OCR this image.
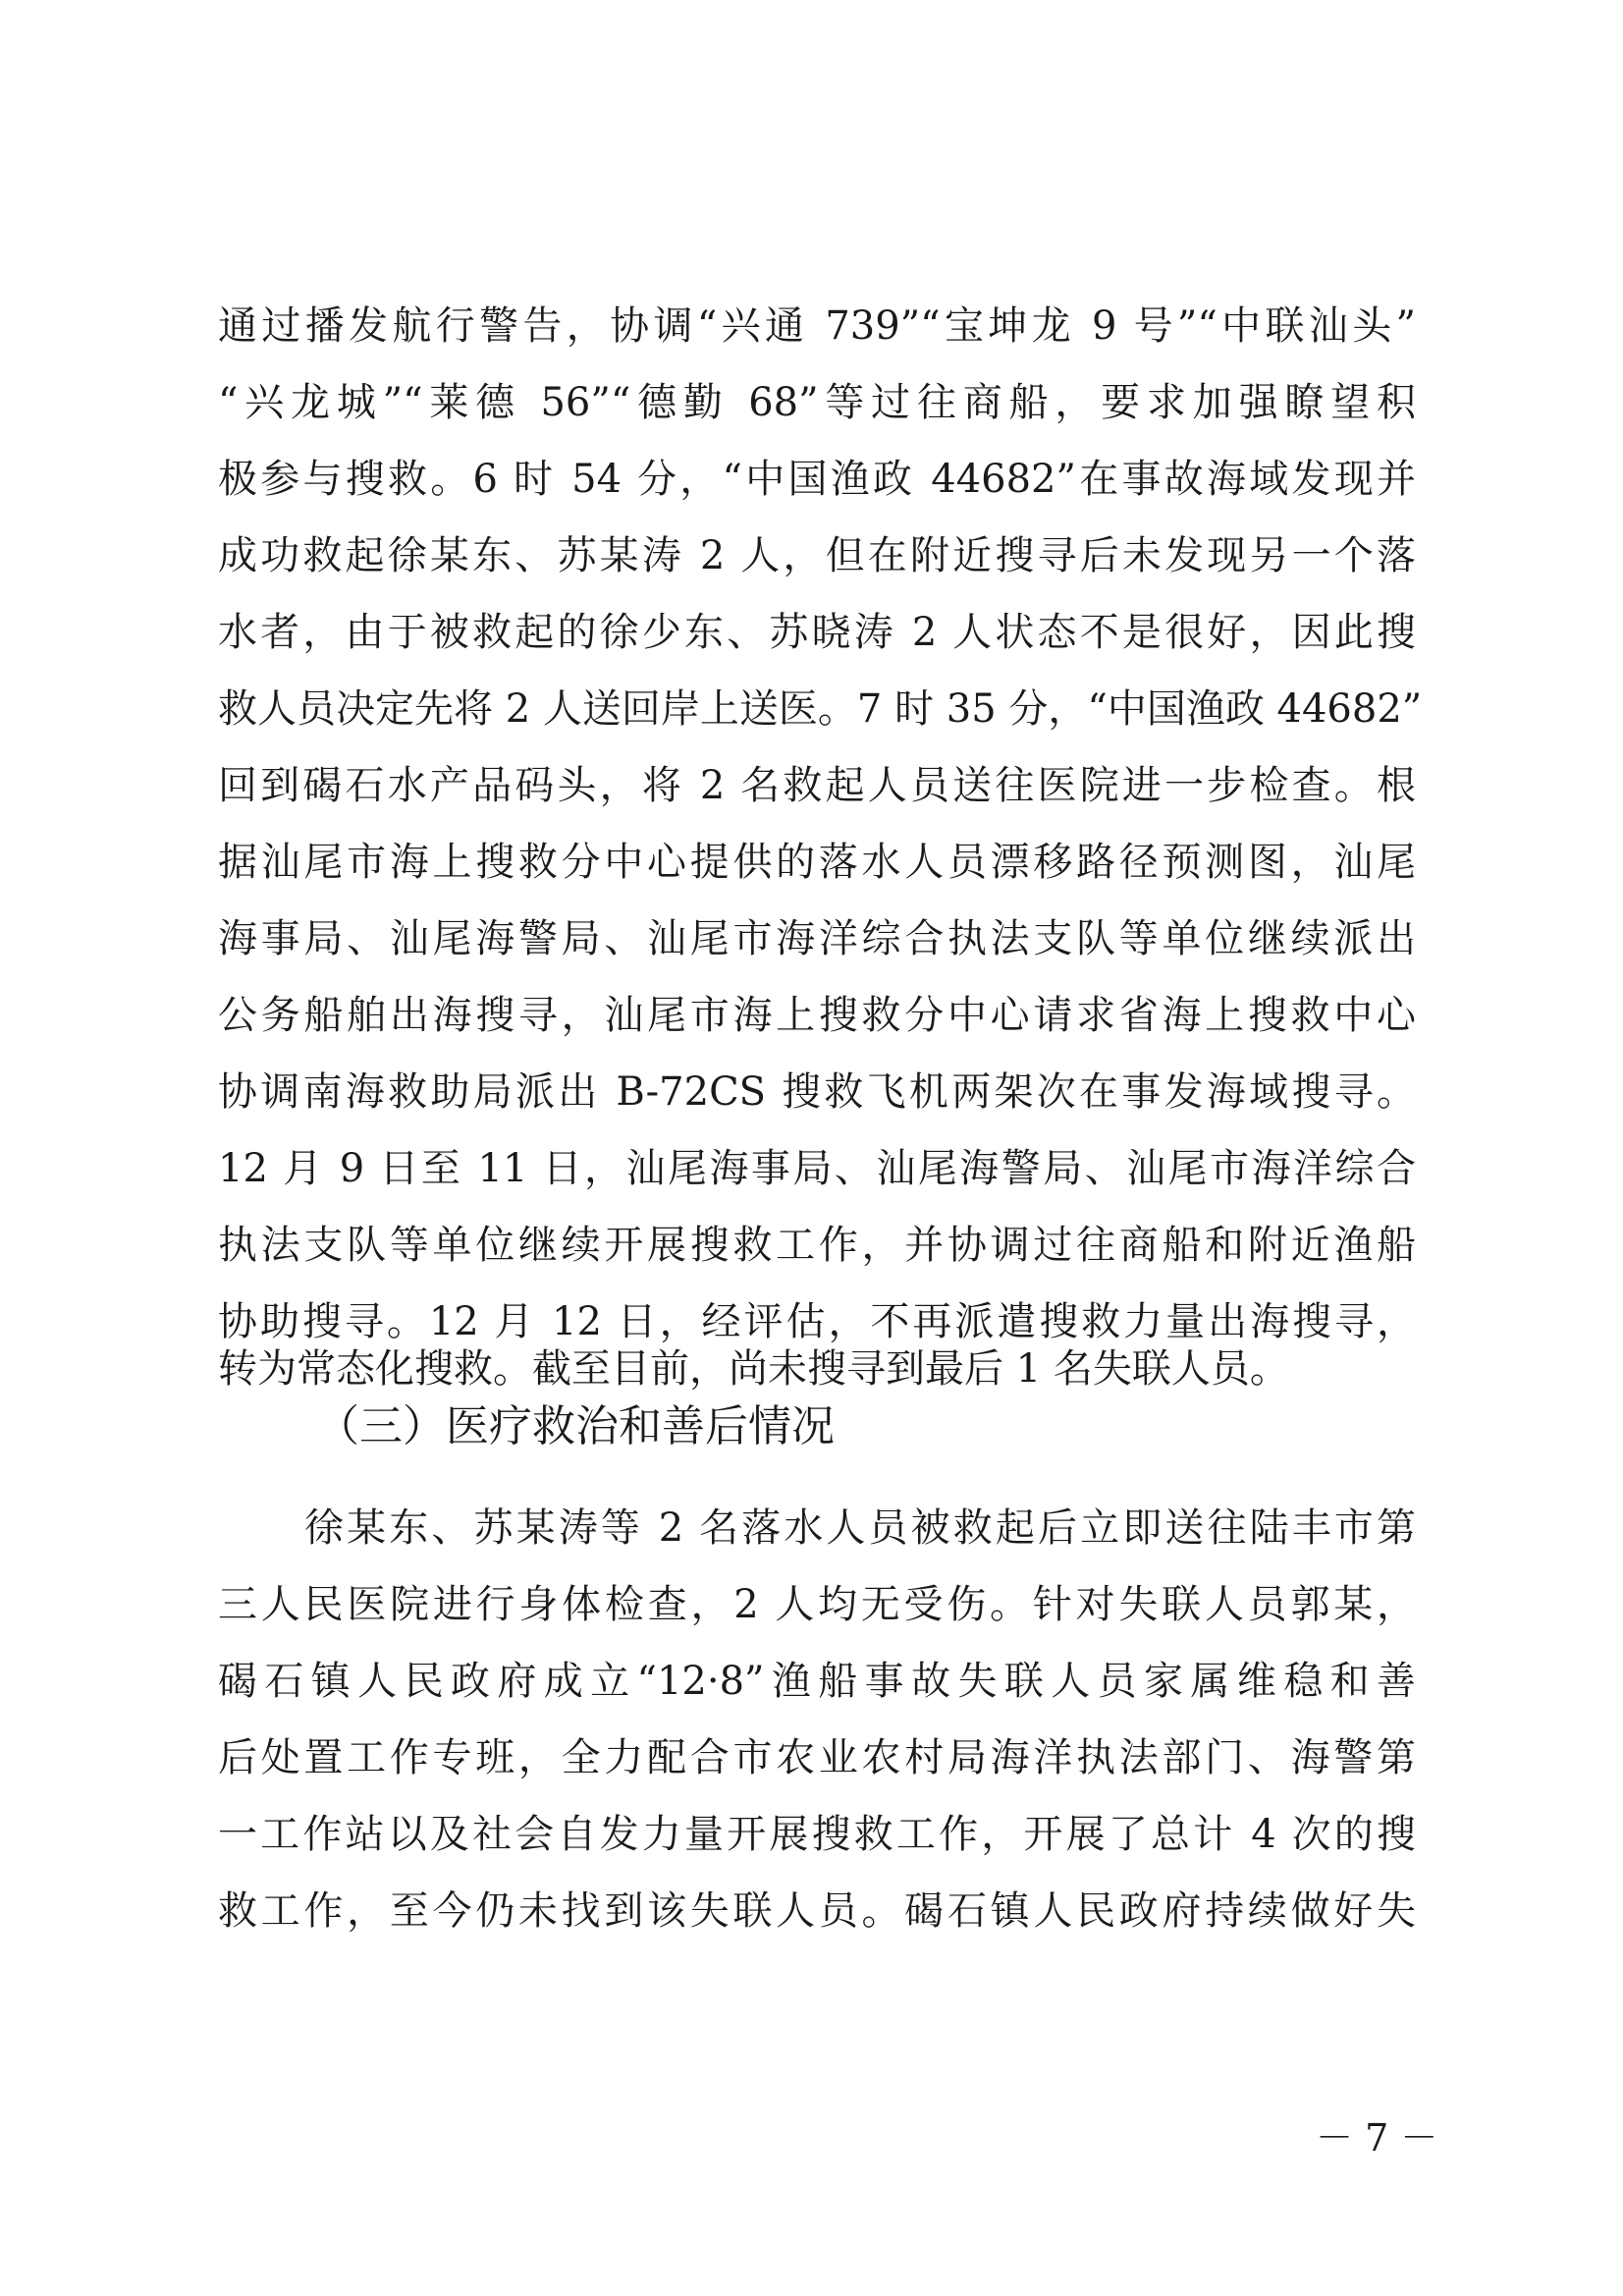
通过播发航行警告，协调“兴通 739”“宝坤龙 9 号”“中联汕头”
“兴龙城”“莱德 56”“德勤 68”等过往商船，要求加强瞭望积
极参与搜救。6 时 54 分，“中国渔政 44682”在事故海域发现并
成功救起徐某东、苏某涛 2 人，但在附近搜寻后未发现另一个落
水者，由于被救起的徐少东、苏晓涛 2 人状态不是很好，因此搜
救人员决定先将 2 人送回岸上送医。7 时 35 分，“中国渔政 44682”
回到碣石水产品码头，将 2 名救起人员送往医院进一步检查。根
据汕尾市海上搜救分中心提供的落水人员漂移路径预测图，汕尾
海事局、汕尾海警局、汕尾市海洋综合执法支队等单位继续派出
公务船舶出海搜寻，汕尾市海上搜救分中心请求省海上搜救中心
协调南海救助局派出 B-72CS 搜救飞机两架次在事发海域搜寻。
12 月 9 日至 11 日，汕尾海事局、汕尾海警局、汕尾市海洋综合
执法支队等单位继续开展搜救工作，并协调过往商船和附近渔船
协助搜寻。12 月 12 日，经评估，不再派遣搜救力量出海搜寻，
转为常态化搜救。截至目前，尚未搜寻到最后 1 名失联人员。
（三）医疗救治和善后情况
徐某东、苏某涛等 2 名落水人员被救起后立即送往陆丰市第
三人民医院进行身体检查，2 人均无受伤。针对失联人员郭某，
碣石镇人民政府成立“12·8”渔船事故失联人员家属维稳和善
后处置工作专班，全力配合市农业农村局海洋执法部门、海警第
一工作站以及社会自发力量开展搜救工作，开展了总计 4 次的搜
救工作，至今仍未找到该失联人员。碣石镇人民政府持续做好失
－ 7 －
